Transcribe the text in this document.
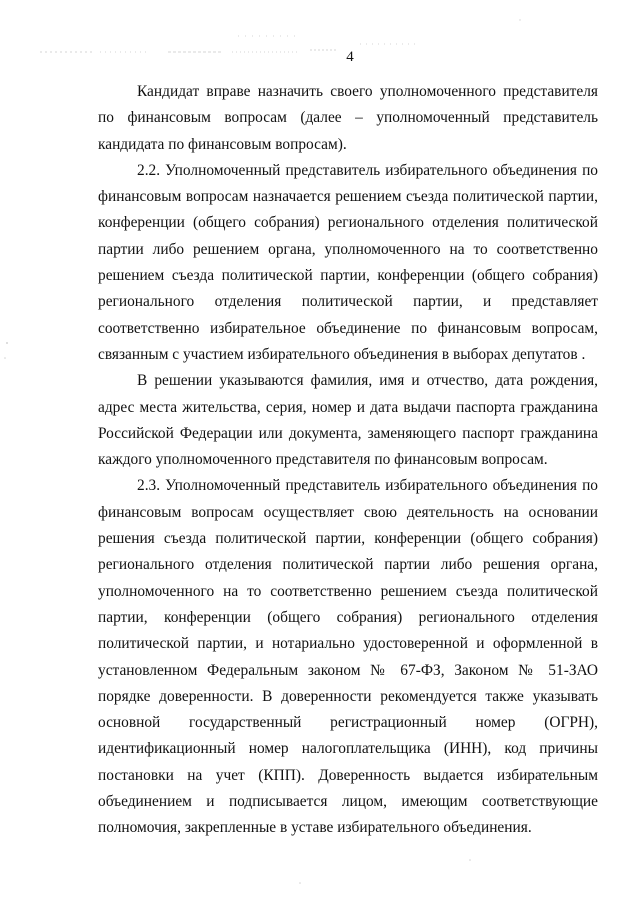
4

Кандидат вправе назначить своего уполномоченного представителя по финансовым вопросам (далее – уполномоченный представитель кандидата по финансовым вопросам).

2.2. Уполномоченный представитель избирательного объединения по финансовым вопросам назначается решением съезда политической партии, конференции (общего собрания) регионального отделения политической партии либо решением органа, уполномоченного на то соответственно решением съезда политической партии, конференции (общего собрания) регионального отделения политической партии, и представляет соответственно избирательное объединение по финансовым вопросам, связанным с участием избирательного объединения в выборах депутатов .

В решении указываются фамилия, имя и отчество, дата рождения, адрес места жительства, серия, номер и дата выдачи паспорта гражданина Российской Федерации или документа, заменяющего паспорт гражданина каждого уполномоченного представителя по финансовым вопросам.

2.3. Уполномоченный представитель избирательного объединения по финансовым вопросам осуществляет свою деятельность на основании решения съезда политической партии, конференции (общего собрания) регионального отделения политической партии либо решения органа, уполномоченного на то соответственно решением съезда политической партии, конференции (общего собрания) регионального отделения политической партии, и нотариально удостоверенной и оформленной в установленном Федеральным законом № 67-ФЗ, Законом № 51-ЗАО порядке доверенности. В доверенности рекомендуется также указывать основной государственный регистрационный номер (ОГРН), идентификационный номер налогоплательщика (ИНН), код причины постановки на учет (КПП). Доверенность выдается избирательным объединением и подписывается лицом, имеющим соответствующие полномочия, закрепленные в уставе избирательного объединения.
